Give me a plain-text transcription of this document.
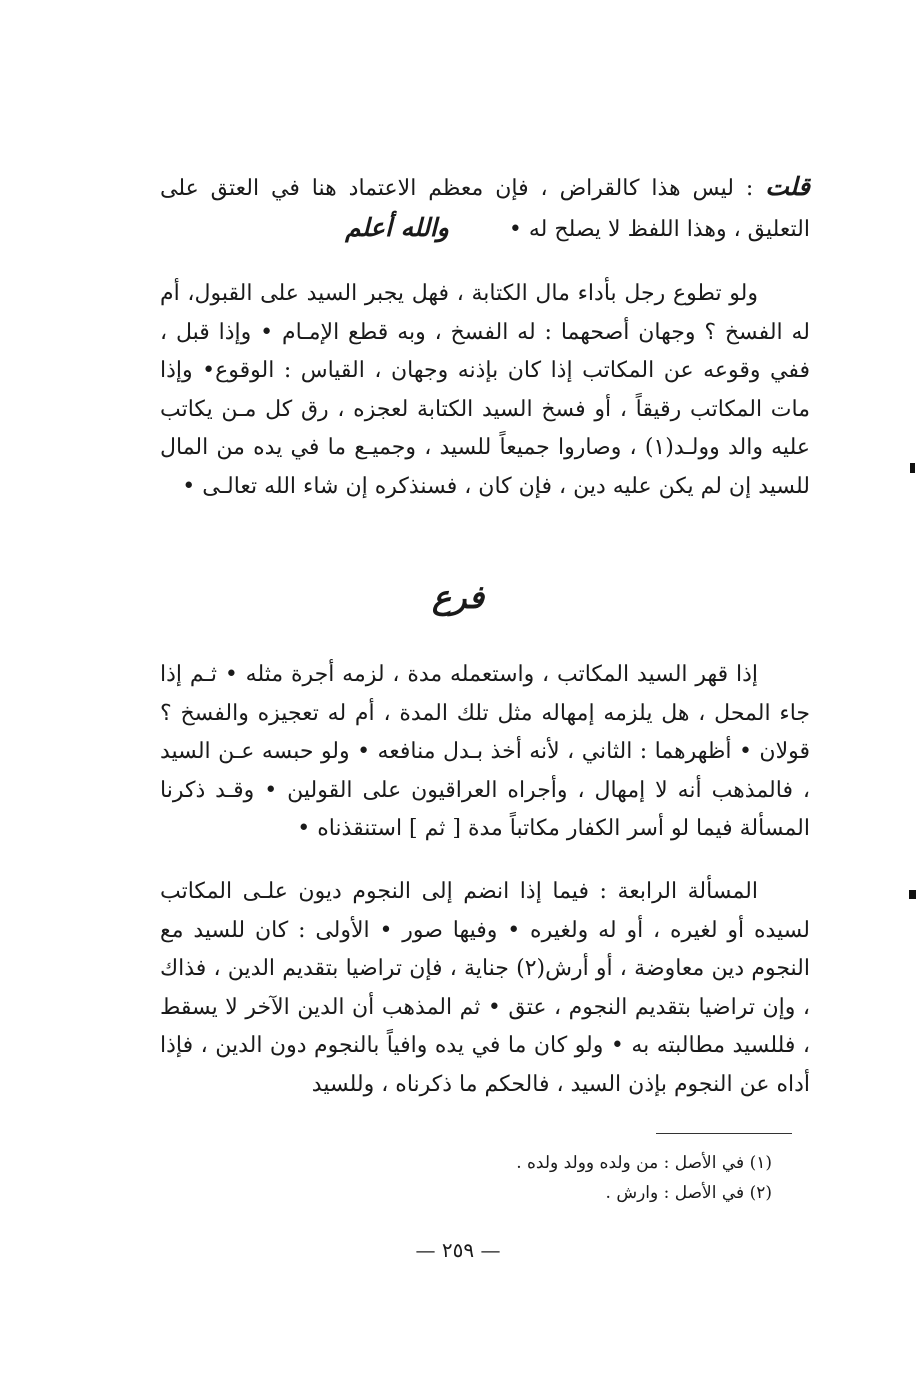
قلت : ليس هذا كالقراض ، فإن معظم الاعتماد هنا في العتق على التعليق ، وهذا اللفظ لا يصلح له •والله أعلم

ولو تطوع رجل بأداء مال الكتابة ، فهل يجبر السيد على القبول، أم له الفسخ ؟ وجهان أصحهما : له الفسخ ، وبه قطع الإمـام • وإذا قبل ، ففي وقوعه عن المكاتب إذا كان بإذنه وجهان ، القياس : الوقوع• وإذا مات المكاتب رقيقاً ، أو فسخ السيد الكتابة لعجزه ، رق كل مـن يكاتب عليه والد وولـد(١) ، وصاروا جميعاً للسيد ، وجميـع ما في يده من المال للسيد إن لم يكن عليه دين ، فإن كان ، فسنذكره إن شاء الله تعالـى •

فرع

إذا قهر السيد المكاتب ، واستعمله مدة ، لزمه أجرة مثله • ثـم إذا جاء المحل ، هل يلزمه إمهاله مثل تلك المدة ، أم له تعجيزه والفسخ ؟ قولان • أظهرهما : الثاني ، لأنه أخذ بـدل منافعه • ولو حبسه عـن السيد ، فالمذهب أنه لا إمهال ، وأجراه العراقيون على القولين • وقـد ذكرنا المسألة فيما لو أسر الكفار مكاتباً مدة [ ثم ] استنقذناه •

المسألة الرابعة : فيما إذا انضم إلى النجوم ديون علـى المكاتب لسيده أو لغيره ، أو له ولغيره • وفيها صور • الأولى : كان للسيد مع النجوم دين معاوضة ، أو أرش(٢) جناية ، فإن تراضيا بتقديم الدين ، فذاك ، وإن تراضيا بتقديم النجوم ، عتق • ثم المذهب أن الدين الآخر لا يسقط ، فللسيد مطالبته به • ولو كان ما في يده وافياً بالنجوم دون الدين ، فإذا أداه عن النجوم بإذن السيد ، فالحكم ما ذكرناه ، وللسيد

(١) في الأصل : من ولده وولد ولده .

(٢) في الأصل : وارش .

— ٢٥٩ —
